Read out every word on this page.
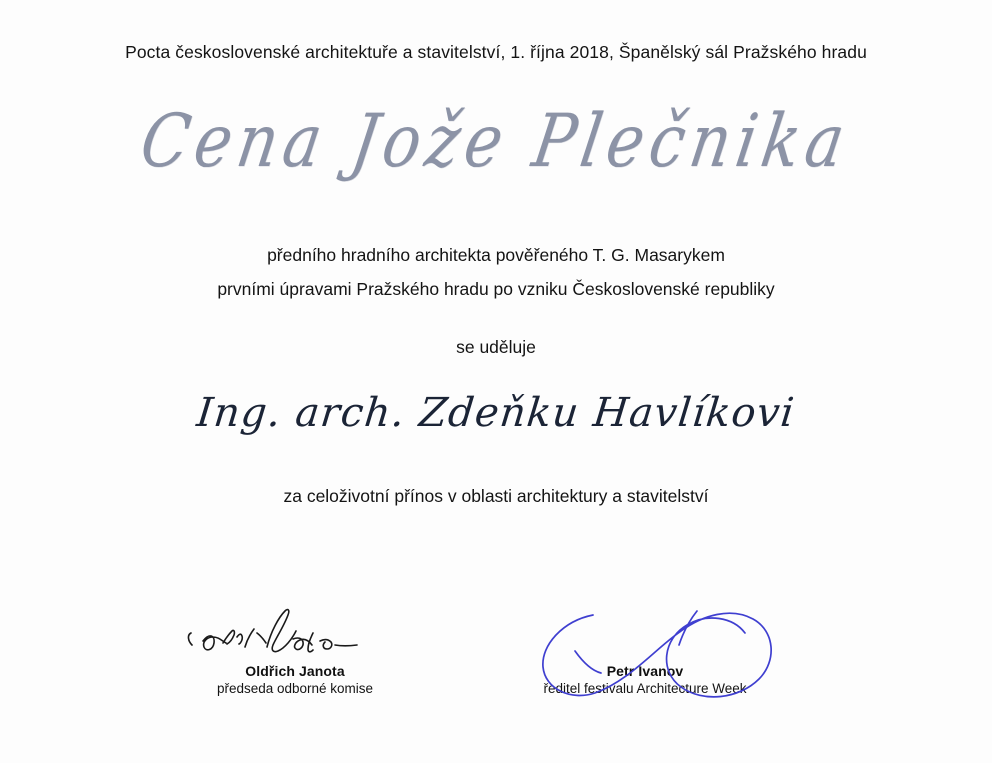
Pocta československé architektuře a stavitelství, 1. října 2018, Španělský sál Pražského hradu
Cena Jože Plečnika
předního hradního architekta pověřeného T. G. Masarykem
prvními úpravami Pražského hradu po vzniku Československé republiky
se uděluje
Ing. arch. Zdeňku Havlíkovi
za celoživotní přínos v oblasti architektury a stavitelství
Oldřich Janota
předseda odborné komise
Petr Ivanov
ředitel festivalu Architecture Week
